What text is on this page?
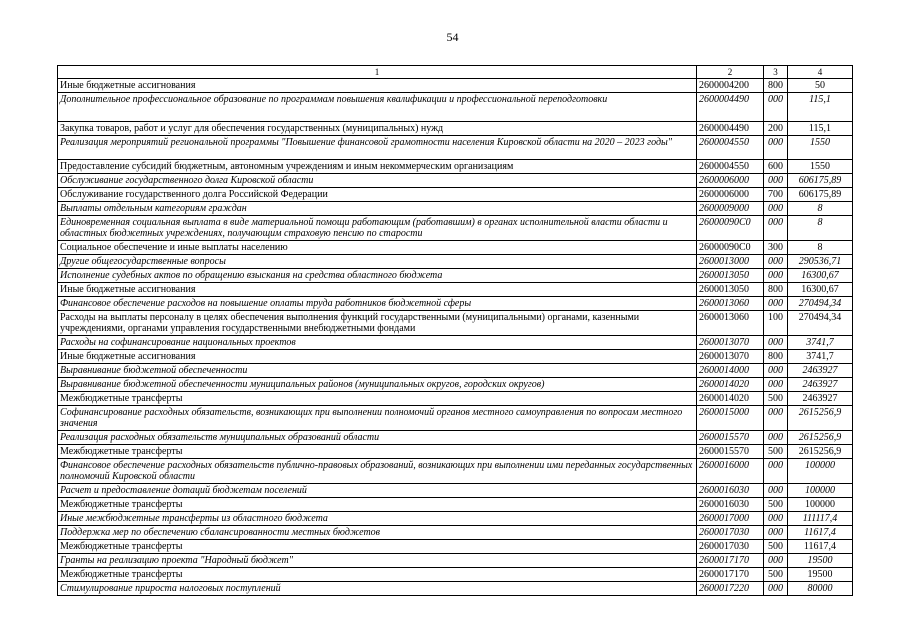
54
1	2	3	4
Иные бюджетные ассигнования	2600004200	800	50
Дополнительное профессиональное образование по программам повышения квалификации и профессиональной переподготовки	2600004490	000	115,1
Закупка товаров, работ и услуг для обеспечения государственных (муниципальных) нужд	2600004490	200	115,1
Реализация мероприятий региональной программы "Повышение финансовой грамотности населения Кировской области на 2020 – 2023 годы"	2600004550	000	1550
Предоставление субсидий бюджетным, автономным учреждениям и иным некоммерческим организациям	2600004550	600	1550
Обслуживание государственного долга Кировской области	2600006000	000	606175,89
Обслуживание государственного долга Российской Федерации	2600006000	700	606175,89
Выплаты отдельным категориям граждан	2600009000	000	8
Единовременная социальная выплата в виде материальной помощи работающим (работавшим) в органах исполнительной власти области и областных бюджетных учреждениях, получающим страховую пенсию по старости	26000090С0	000	8
Социальное обеспечение и иные выплаты населению	26000090С0	300	8
Другие общегосударственные вопросы	2600013000	000	290536,71
Исполнение судебных актов по обращению взыскания на средства областного бюджета	2600013050	000	16300,67
Иные бюджетные ассигнования	2600013050	800	16300,67
Финансовое обеспечение расходов на повышение оплаты труда работников бюджетной сферы	2600013060	000	270494,34
Расходы на выплаты персоналу в целях обеспечения выполнения функций государственными (муниципальными) органами, казенными учреждениями, органами управления государственными внебюджетными фондами	2600013060	100	270494,34
Расходы на софинансирование национальных проектов	2600013070	000	3741,7
Иные бюджетные ассигнования	2600013070	800	3741,7
Выравнивание бюджетной обеспеченности	2600014000	000	2463927
Выравнивание бюджетной обеспеченности муниципальных районов (муниципальных округов, городских округов)	2600014020	000	2463927
Межбюджетные трансферты	2600014020	500	2463927
Софинансирование расходных обязательств, возникающих при выполнении полномочий органов местного самоуправления по вопросам местного значения	2600015000	000	2615256,9
Реализация расходных обязательств муниципальных образований области	2600015570	000	2615256,9
Межбюджетные трансферты	2600015570	500	2615256,9
Финансовое обеспечение расходных обязательств публично-правовых образований, возникающих при выполнении ими переданных государственных полномочий Кировской области	2600016000	000	100000
Расчет и предоставление дотаций бюджетам поселений	2600016030	000	100000
Межбюджетные трансферты	2600016030	500	100000
Иные межбюджетные трансферты из областного бюджета	2600017000	000	111117,4
Поддержка мер по обеспечению сбалансированности местных бюджетов	2600017030	000	11617,4
Межбюджетные трансферты	2600017030	500	11617,4
Гранты на реализацию проекта "Народный бюджет"	2600017170	000	19500
Межбюджетные трансферты	2600017170	500	19500
Стимулирование прироста налоговых поступлений	2600017220	000	80000
